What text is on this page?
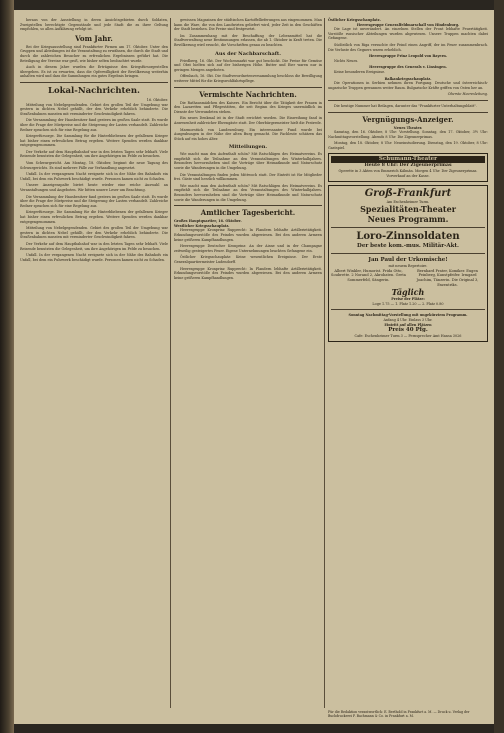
heraus von der Ausstellung in deren Ansichtsgebieten durch Soldaten, Zweigstellen berechtigte Gegenstände und jede Stadt die zu ihrer Geltung empfohlen, so allen Aufklärung erfolgt ist.

Vom Jahr.

Bei der Kriegsausstellung sind Frankfurter Firmen am 17. Oktober. Unter den Gruppen und Abteilungen ist die Veranstaltung zu erwähnen, die durch die Stadt und durch die zahlreichen Besucher zu erfreulichen Ergebnissen geführt hat. Die Beteiligung der Vereine war groß, wie bisher selten beobachtet wurde.

Auch in diesem Jahre wurden die Erträgnisse den Kriegsfürsorgestellen übergeben. Es ist zu erwarten, dass die Opferwilligkeit der Bevölkerung weiterhin anhalten wird und dass die Sammlungen ein gutes Ergebnis bringen.

Lokal-Nachrichten.
16. Oktober.

Mitteilung von Nebelgegendenden. Gebiet des großen Teil der Umgebung war gestern in dichten Nebel gehüllt, der den Verkehr erheblich behinderte. Die Straßenbahnen mussten mit verminderter Geschwindigkeit fahren.

Die Versammlung der Hausbesitzer fand gestern im großen Saale statt. Es wurde über die Frage der Mietpreise und die Steigerung der Lasten verhandelt. Zahlreiche Redner sprachen sich für eine Regelung aus.

Kriegerfürsorge. Die Sammlung für die Hinterbliebenen der gefallenen Krieger hat bisher einen erfreulichen Betrag ergeben. Weitere Spenden werden dankbar entgegengenommen.

Der Verkehr auf dem Hauptbahnhof war in den letzten Tagen sehr lebhaft. Viele Reisende benutzten die Gelegenheit, um ihre Angehörigen im Felde zu besuchen.

Vom Schwurgericht. Am Montag, 18. Oktober, beginnt die neue Tagung des Schwurgerichts. Es sind mehrere Fälle zur Verhandlung angesetzt.

Unfall. In der vergangenen Nacht ereignete sich in der Nähe des Bahnhofs ein Unfall, bei dem ein Fuhrwerk beschädigt wurde. Personen kamen nicht zu Schaden.

Unsere Anzeigenspalte bietet heute wieder eine reiche Auswahl an Veranstaltungen und Angeboten. Wir bitten unsere Leser um Beachtung.

Die Versammlung der Hausbesitzer fand gestern im großen Saale statt. Es wurde über die Frage der Mietpreise und die Steigerung der Lasten verhandelt. Zahlreiche Redner sprachen sich für eine Regelung aus.

Kriegerfürsorge. Die Sammlung für die Hinterbliebenen der gefallenen Krieger hat bisher einen erfreulichen Betrag ergeben. Weitere Spenden werden dankbar entgegengenommen.

Mitteilung von Nebelgegendenden. Gebiet des großen Teil der Umgebung war gestern in dichten Nebel gehüllt, der den Verkehr erheblich behinderte. Die Straßenbahnen mussten mit verminderter Geschwindigkeit fahren.

Der Verkehr auf dem Hauptbahnhof war in den letzten Tagen sehr lebhaft. Viele Reisende benutzten die Gelegenheit, um ihre Angehörigen im Felde zu besuchen.

Unfall. In der vergangenen Nacht ereignete sich in der Nähe des Bahnhofs ein Unfall, bei dem ein Fuhrwerk beschädigt wurde. Personen kamen nicht zu Schaden.

gewissen Magazinen der städtischen Kartoffellieferungen aus eingenommen. Man kann die Ware, die von den Landwirten geliefert wird, jeder Zeit in den Geschäften der Stadt beziehen. Die Preise sind festgesetzt.

Im Zusammenhang mit der Beschaffung der Lebensmittel hat die Stadtverwaltung neue Bestimmungen erlassen, die ab 1. Oktober in Kraft treten. Die Bevölkerung wird ersucht, die Vorschriften genau zu beachten.

Aus der Nachbarschaft.

Friedberg, 16. Okt. Der Wochenmarkt war gut beschickt. Die Preise für Gemüse und Obst hielten sich auf der bisherigen Höhe. Butter und Eier waren nur in geringen Mengen angeboten.

Offenbach, 16. Okt. Die Stadtverordnetenversammlung beschloss die Bewilligung weiterer Mittel für die Kriegswohlfahrtspflege.

Vermischte Nachrichten.

Die Rathausmädchen des Kaisers. Ein Bericht über die Tätigkeit der Frauen in den Lazaretten und Pflegestätten, die seit Beginn des Krieges unermüdlich im Dienste der Verwundeten stehen.

Ein neues Denkmal ist in der Stadt errichtet worden. Die Einweihung fand in Anwesenheit zahlreicher Ehrengäste statt. Der Oberbürgermeister hielt die Festrede.

Marmorstück von Landesenburg. Ein interessanter Fund wurde bei Ausgrabungen in der Nähe der alten Burg gemacht. Die Fachleute schätzen das Stück auf ein hohes Alter.

Mitteilungen.

Wie macht man den Aufenthalt schön? Mit Ratschlägen des Heimatvereins. Es empfiehlt sich die Teilnahme an den Veranstaltungen des Winterhalbjahres. Besonders hervorzuheben sind die Vorträge über Heimatkunde und Naturschutz sowie die Wanderungen in die Umgebung.

Die Veranstaltungen finden jeden Mittwoch statt. Der Eintritt ist für Mitglieder frei. Gäste sind herzlich willkommen.

Wie macht man den Aufenthalt schön? Mit Ratschlägen des Heimatvereins. Es empfiehlt sich die Teilnahme an den Veranstaltungen des Winterhalbjahres. Besonders hervorzuheben sind die Vorträge über Heimatkunde und Naturschutz sowie die Wanderungen in die Umgebung.

Amtlicher Tagesbericht.
Großes Hauptquartier, 16. Oktober.
Westlicher Kriegsschauplatz.

Heeresgruppe Kronprinz Rupprecht: In Flandern lebhafte Artillerietätigkeit. Erkundungsvorstöße des Feindes wurden abgewiesen. Bei den anderen Armeen keine größeren Kampfhandlungen.

Heeresgruppe Deutscher Kronprinz: An der Aisne und in der Champagne zeitweilig gesteigertes Feuer. Eigene Unternehmungen brachten Gefangene ein.

Östlicher Kriegsschauplatz: Keine wesentlichen Ereignisse. Der Erste Generalquartiermeister Ludendorff.

Heeresgruppe Kronprinz Rupprecht: In Flandern lebhafte Artillerietätigkeit. Erkundungsvorstöße des Feindes wurden abgewiesen. Bei den anderen Armeen keine größeren Kampfhandlungen.

Östlicher Kriegsschauplatz.
Heeresgruppe Generalfeldmarschall von Hindenburg.

Die Lage ist unverändert. An einzelnen Stellen der Front lebhafte Feuertätigkeit. Vorstöße russischer Abteilungen wurden abgewiesen. Unsere Truppen machten dabei Gefangene.

Südöstlich von Riga versuchte der Feind einen Angriff, der im Feuer zusammenbrach. Die Verluste des Gegners waren erheblich.

Heeresgruppe Prinz Leopold von Bayern.

Nichts Neues.

Heeresgruppe des Generals v. Linsingen.

Keine besonderen Ereignisse.

Balkankriegsschauplatz.

Die Operationen in Serbien nehmen ihren Fortgang. Deutsche und österreichisch-ungarische Truppen gewannen weiter Raum. Bulgarische Kräfte griffen von Osten her an.

Oberste Heeresleitung.

Die heutige Nummer hat Beilagen, darunter das "Frankfurter Unterhaltungsblatt".

Vergnügungs-Anzeiger.
Neues Theater.

Samstag, den 16. Oktober, 8 Uhr: Vorstellung. Sonntag, den 17. Oktober, 3½ Uhr: Nachmittagsvorstellung. Abends 8 Uhr: Die Zigeunerprimas.

Montag, den 18. Oktober, 8 Uhr: Neueinstudierung. Dienstag, den 19. Oktober, 8 Uhr: Gastspiel.

Schumann-Theater
Heute 8 Uhr: Der Zigeunerprimas
Operette in 3 Akten von Emmerich Kálmán. Morgen 4 Uhr: Der Zigeunerprimas. Vorverkauf an der Kasse.
Groß-Frankfurt
Am Eschenheimer Turm.
Spezialitäten-Theater
Neues Programm.
Loro-Zinnsoldaten
Der beste kom.-mus. Militär-Akt.
Jan Paul der Urkomische!
mit neuem Repertoire.
Albert Winkler, Humorist. Frida Otto, Soubrette. 2 Norand 2, Akrobaten. Greta Sommerfeld, Sängerin.
Bernhard Prater, Komiker. Eugen Feinberg, Kunstpfeifer. Irmgard Joachim, Tänzerin. Die Original 3, Exzentriks.
Täglich
Preise der Plätze:
Loge 1.75 — 1. Platz 1.20 — 2. Platz 0.80
Sonntag Nachmittag-Vorstellung mit ungekürztem Programm.
Anfang 4 Uhr. Einlass 3 Uhr.
Eintritt auf allen Plätzen
Preis 40 Pfg.
Cafe: Eschenheimer Turm 3 — Fernsprecher Amt Hansa 3026
Für die Redaktion verantwortlich: E. Berthold in Frankfurt a. M. — Druck u. Verlag der Buchdruckerei F. Bachmann & Co. in Frankfurt a. M.
